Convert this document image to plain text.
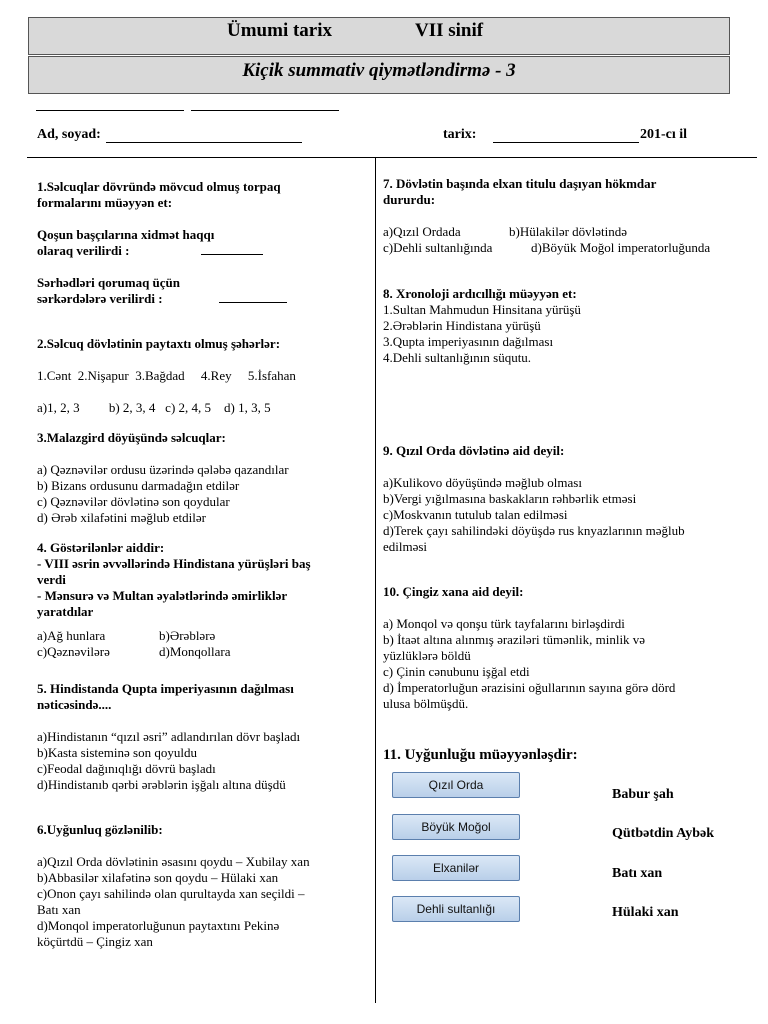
Ümumi tarix	VII sinif
Kiçik summativ qiymətləndirmə - 3
Ad, soyad:	tarix:	201-cı il
1.Səlcuqlar dövründə mövcud olmuş torpaq
formalarını müəyyən et:
Qoşun başçılarına xidmət haqqı
olaraq verilirdi :
Sərhədləri qorumaq üçün
sərkərdələrə verilirdi :
2.Səlcuq dövlətinin paytaxtı olmuş şəhərlər:
1.Cənt  2.Nişapur  3.Bağdad     4.Rey     5.İsfahan
a)1, 2, 3         b) 2, 3, 4   c) 2, 4, 5    d) 1, 3, 5
3.Malazgird döyüşündə səlcuqlar:
a) Qəznəvilər ordusu üzərində qələbə qazandılar
b) Bizans ordusunu darmadağın etdilər
c) Qəznəvilər dövlətinə son qoydular
d) Ərəb xilafətini məğlub etdilər
4. Göstərilənlər aiddir:
- VIII əsrin əvvəllərində Hindistana yürüşləri baş
verdi
- Mənsurə və Multan əyalətlərində əmirliklər
yaratdılar
a)Ağ hunlara	b)Ərəblərə
c)Qəznəvilərə	d)Monqollara
5. Hindistanda Qupta imperiyasının dağılması
nəticəsində....
a)Hindistanın “qızıl əsri” adlandırılan dövr başladı
b)Kasta sisteminə son qoyuldu
c)Feodal dağınıqlığı dövrü başladı
d)Hindistanıb qərbi ərəblərin işğalı altına düşdü
6.Uyğunluq gözlənilib:
a)Qızıl Orda dövlətinin əsasını qoydu – Xubilay xan
b)Abbasilər xilafətinə son qoydu – Hülaki xan
c)Onon çayı sahilində olan qurultayda xan seçildi –
Batı xan
d)Monqol imperatorluğunun paytaxtını Pekinə
köçürtdü – Çingiz xan
7. Dövlətin başında elxan titulu daşıyan hökmdar
dururdu:
a)Qızıl Ordada	b)Hülakilər dövlətində
c)Dehli sultanlığında	d)Böyük Moğol imperatorluğunda
8. Xronoloji ardıcıllığı müəyyən et:
1.Sultan Mahmudun Hinsitana yürüşü
2.Ərəblərin Hindistana yürüşü
3.Qupta imperiyasının dağılması
4.Dehli sultanlığının süqutu.
9. Qızıl Orda dövlətinə aid deyil:
a)Kulikovo döyüşündə məğlub olması
b)Vergi yığılmasına baskakların rəhbərlik etməsi
c)Moskvanın tutulub talan edilməsi
d)Terek çayı sahilindəki döyüşdə rus knyazlarının məğlub
edilməsi
10. Çingiz xana aid deyil:
a) Monqol və qonşu türk tayfalarını birləşdirdi
b) İtaət altına alınmış əraziləri tümənlik, minlik və
yüzlüklərə böldü
c) Çinin cənubunu işğal etdi
d) İmperatorluğun ərazisini oğullarının sayına görə dörd
ulusa bölmüşdü.
11. Uyğunluğu müəyyənləşdir:
Qızıl Orda
Böyük Moğol
Elxanilər
Dehli sultanlığı
Babur şah
Qütbətdin Aybək
Batı xan
Hülaki xan
